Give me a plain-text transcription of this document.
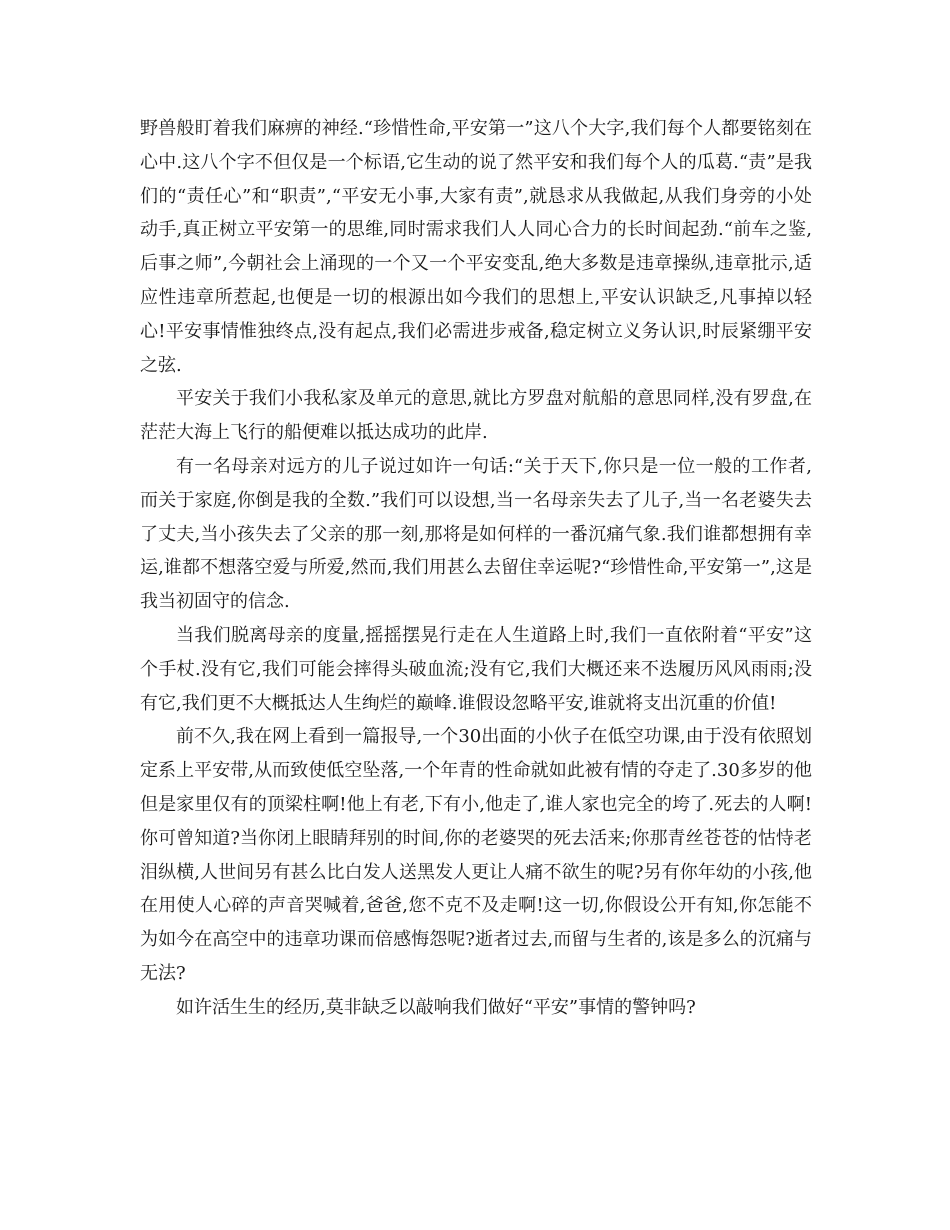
野兽般盯着我们麻痹的神经.“珍惜性命,平安第一”这八个大字,我们每个人都要铭刻在心中.这八个字不但仅是一个标语,它生动的说了然平安和我们每个人的瓜葛.“责”是我们的“责任心”和“职责”,“平安无小事,大家有责”,就恳求从我做起,从我们身旁的小处动手,真正树立平安第一的思维,同时需求我们人人同心合力的长时间起劲.“前车之鉴,后事之师”,今朝社会上涌现的一个又一个平安变乱,绝大多数是违章操纵,违章批示,适应性违章所惹起,也便是一切的根源出如今我们的思想上,平安认识缺乏,凡事掉以轻心!平安事情惟独终点,没有起点,我们必需进步戒备,稳定树立义务认识,时辰紧绷平安之弦.

平安关于我们小我私家及单元的意思,就比方罗盘对航船的意思同样,没有罗盘,在茫茫大海上飞行的船便难以抵达成功的此岸.

有一名母亲对远方的儿子说过如许一句话:“关于天下,你只是一位一般的工作者,而关于家庭,你倒是我的全数.”我们可以设想,当一名母亲失去了儿子,当一名老婆失去了丈夫,当小孩失去了父亲的那一刻,那将是如何样的一番沉痛气象.我们谁都想拥有幸运,谁都不想落空爱与所爱,然而,我们用甚么去留住幸运呢?“珍惜性命,平安第一”,这是我当初固守的信念.

当我们脱离母亲的度量,摇摇摆晃行走在人生道路上时,我们一直依附着“平安”这个手杖.没有它,我们可能会摔得头破血流;没有它,我们大概还来不迭履历风风雨雨;没有它,我们更不大概抵达人生绚烂的巅峰.谁假设忽略平安,谁就将支出沉重的价值!

前不久,我在网上看到一篇报导,一个30出面的小伙子在低空功课,由于没有依照划定系上平安带,从而致使低空坠落,一个年青的性命就如此被有情的夺走了.30多岁的他但是家里仅有的顶梁柱啊!他上有老,下有小,他走了,谁人家也完全的垮了.死去的人啊!你可曾知道?当你闭上眼睛拜别的时间,你的老婆哭的死去活来;你那青丝苍苍的怙恃老泪纵横,人世间另有甚么比白发人送黑发人更让人痛不欲生的呢?另有你年幼的小孩,他在用使人心碎的声音哭喊着,爸爸,您不克不及走啊!这一切,你假设公开有知,你怎能不为如今在高空中的违章功课而倍感悔怨呢?逝者过去,而留与生者的,该是多么的沉痛与无法?

如许活生生的经历,莫非缺乏以敲响我们做好“平安”事情的警钟吗?
